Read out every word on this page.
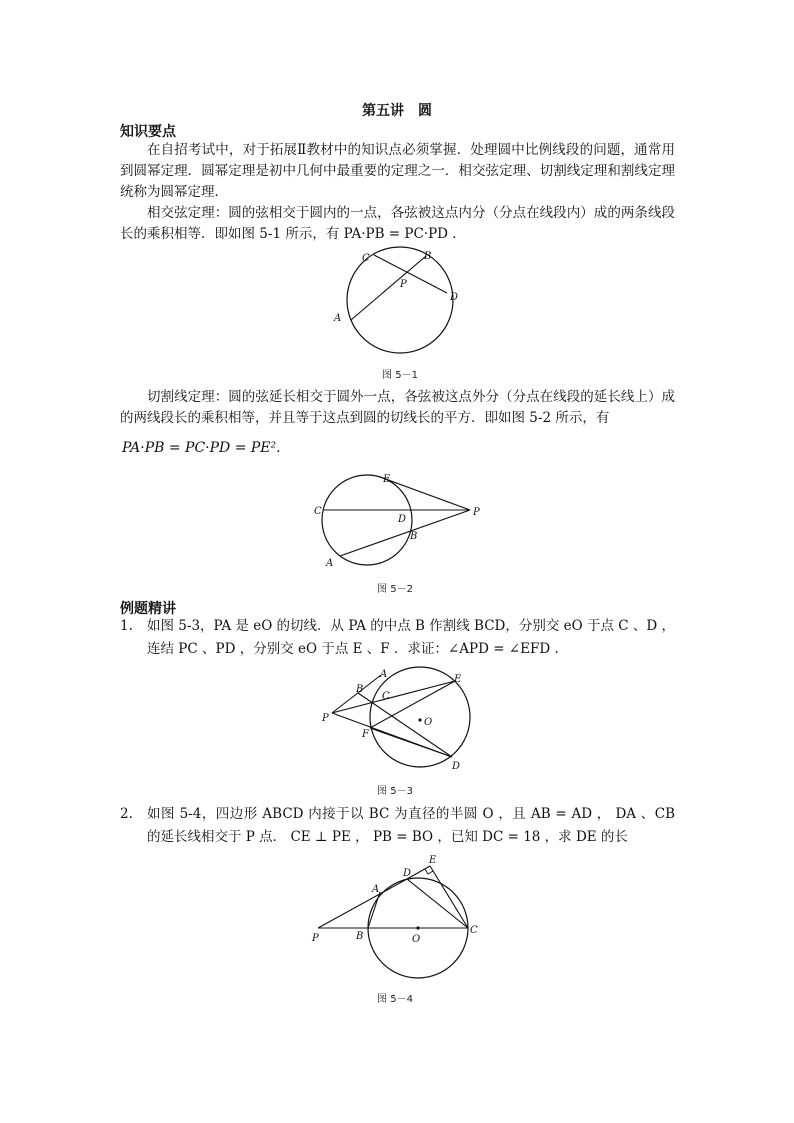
第五讲　圆
知识要点
在自招考试中，对于拓展Ⅱ教材中的知识点必须掌握．处理圆中比例线段的问题，通常用到圆幂定理．圆幂定理是初中几何中最重要的定理之一．相交弦定理、切割线定理和割线定理统称为圆幂定理．
相交弦定理：圆的弦相交于圆内的一点，各弦被这点内分（分点在线段内）成的两条线段长的乘积相等．即如图 5-1 所示，有 PA·PB = PC·PD ．
C	B
P
D
A
图 5－1
切割线定理：圆的弦延长相交于圆外一点，各弦被这点外分（分点在线段的延长线上）成的两线段长的乘积相等，并且等于这点到圆的切线长的平方．即如图 5-2 所示，有
PA·PB = PC·PD = PE².
E
C
D
P
B
A
图 5－2
例题精讲
1. 如图 5-3，PA 是 eO 的切线．从 PA 的中点 B 作割线 BCD，分别交 eO 于点 C 、D ，连结 PC 、PD ，分别交 eO 于点 E 、F ．求证：∠APD = ∠EFD .
P
B
A
C
E
O
F
D
图 5－3
2. 如图 5-4，四边形 ABCD 内接于以 BC 为直径的半圆 O ，且 AB = AD ， DA 、CB 的延长线相交于 P 点． CE ⊥ PE ， PB = BO ，已知 DC = 18 ，求 DE 的长
P	B
A
D
E
O
C
图 5－4
